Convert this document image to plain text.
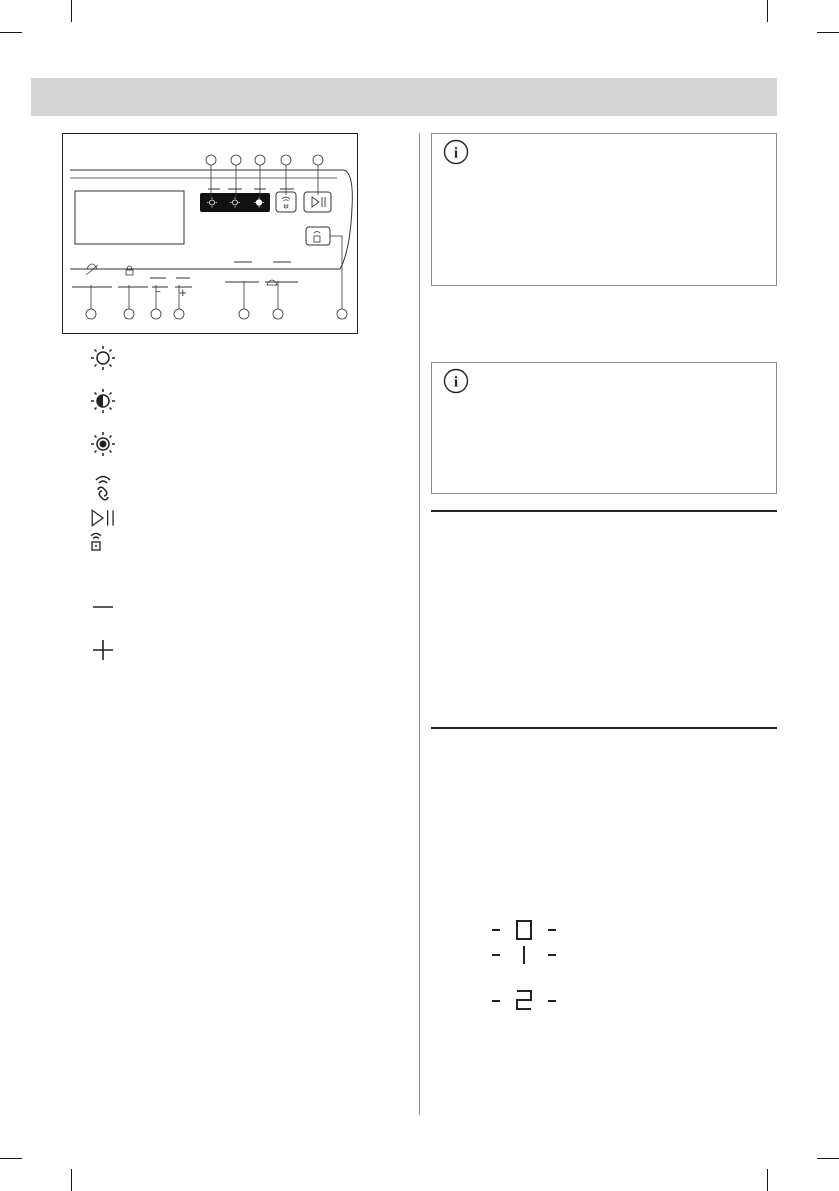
− +
i
i
